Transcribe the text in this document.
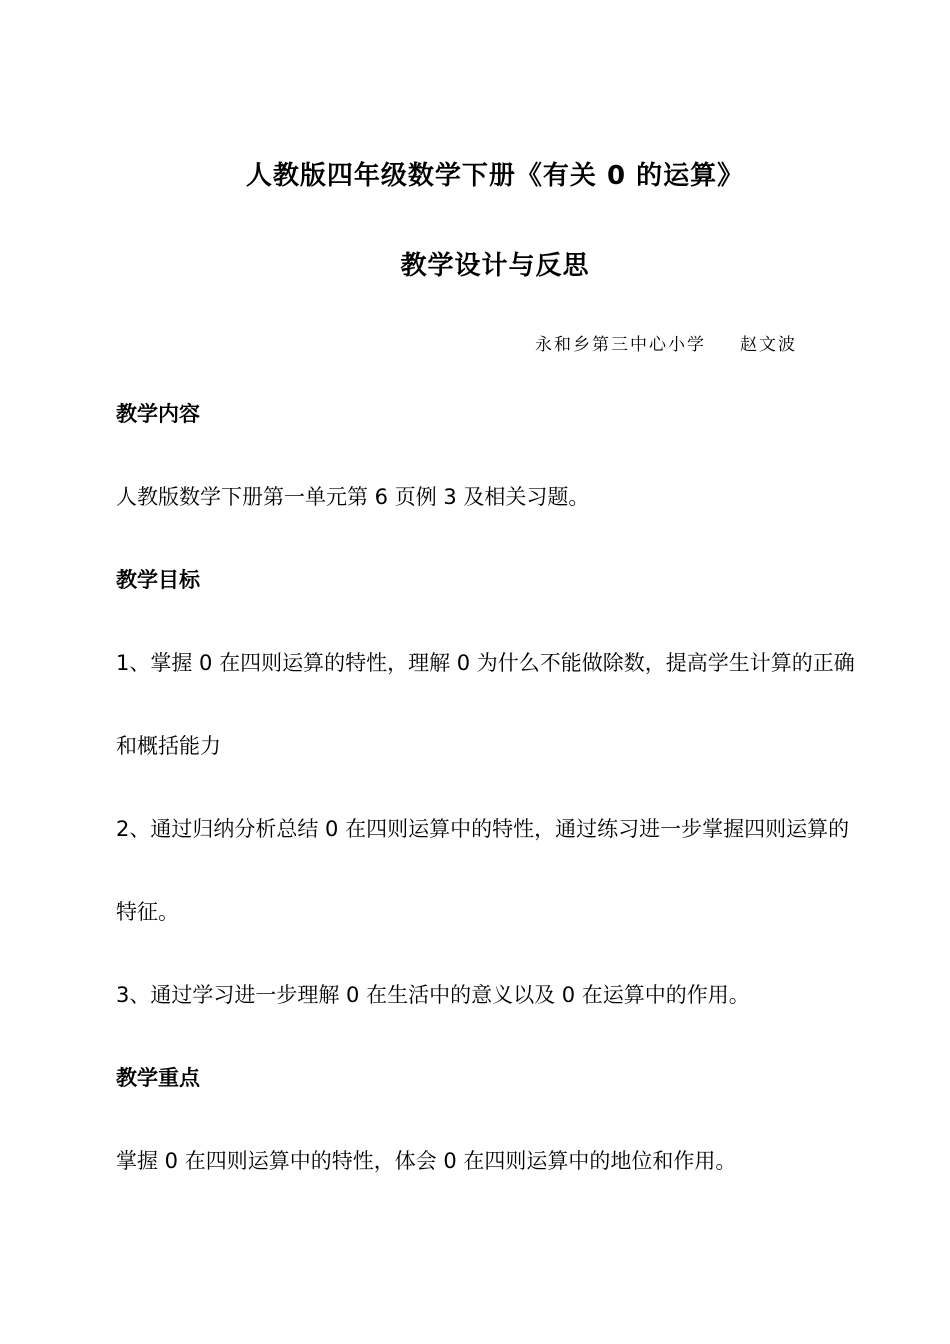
人教版四年级数学下册《有关 0 的运算》
教学设计与反思
永和乡第三中心小学 赵文波
教学内容
人教版数学下册第一单元第 6 页例 3 及相关习题。
教学目标
1、掌握 0 在四则运算的特性，理解 0 为什么不能做除数，提高学生计算的正确
和概括能力
2、通过归纳分析总结 0 在四则运算中的特性，通过练习进一步掌握四则运算的
特征。
3、通过学习进一步理解 0 在生活中的意义以及 0 在运算中的作用。
教学重点
掌握 0 在四则运算中的特性，体会 0 在四则运算中的地位和作用。
